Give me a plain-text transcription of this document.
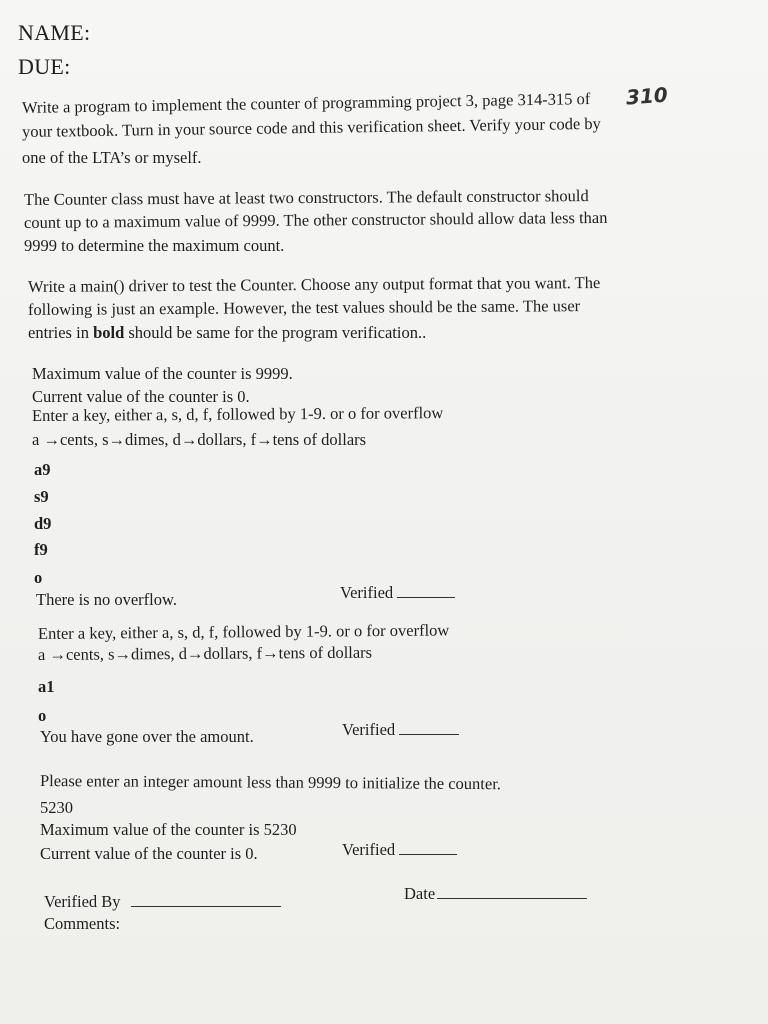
NAME:
DUE:
310
Write a program to implement the counter of programming project 3, page 314-315 of
your textbook. Turn in your source code and this verification sheet. Verify your code by
one of the LTA’s or myself.
The Counter class must have at least two constructors. The default constructor should
count up to a maximum value of 9999. The other constructor should allow data less than
9999 to determine the maximum count.
Write a main() driver to test the Counter. Choose any output format that you want. The
following is just an example. However, the test values should be the same. The user
entries in bold should be same for the program verification..
Maximum value of the counter is 9999.
Current value of the counter is 0.
Enter a key, either a, s, d, f, followed by 1-9. or o for overflow
a →cents, s→dimes, d→dollars, f→tens of dollars
a9
s9
d9
f9
o
There is no overflow.	Verified
Enter a key, either a, s, d, f, followed by 1-9. or o for overflow
a →cents, s→dimes, d→dollars, f→tens of dollars
a1
o
You have gone over the amount.	Verified
Please enter an integer amount less than 9999 to initialize the counter.
5230
Maximum value of the counter is 5230
Current value of the counter is 0.	Verified
Verified By	Date
Comments:
